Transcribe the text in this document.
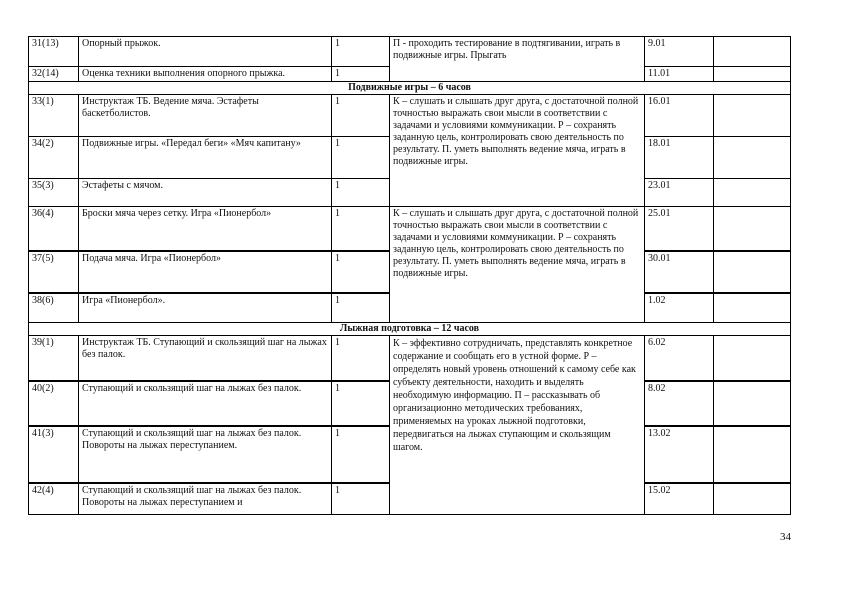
31(13)	Опорный прыжок.	1	П - проходить тестирование в подтягивании, играть в подвижные игры. Прыгать	9.01	
32(14)	Оценка техники выполнения опорного прыжка.	1		11.01	
Подвижные игры – 6 часов					
33(1)	Инструктаж ТБ. Ведение мяча. Эстафеты баскетболистов.	1	К – слушать и слышать друг друга, с достаточной полной точностью выражать свои мысли в соответствии с задачами и условиями коммуникации. Р – сохранять заданную цель, контролировать свою деятельность по результату. П. уметь выполнять ведение мяча, играть в подвижные игры.	16.01	
34(2)	Подвижные игры. «Передал беги» «Мяч капитану»	1		18.01	
35(3)	Эстафеты с мячом.	1		23.01	
36(4)	Броски мяча через сетку. Игра «Пионербол»	1	К – слушать и слышать друг друга, с достаточной полной точностью выражать свои мысли в соответствии с задачами и условиями коммуникации. Р – сохранять заданную цель, контролировать свою деятельность по результату. П. уметь выполнять ведение мяча, играть в подвижные игры.	25.01	
37(5)	Подача мяча. Игра «Пионербол»	1		30.01	
38(6)	Игра «Пионербол».	1		1.02	
Лыжная подготовка – 12 часов					
39(1)	Инструктаж ТБ. Ступающий и скользящий шаг на лыжах без палок.	1	К – эффективно сотрудничать, представлять конкретное содержание и сообщать его в устной форме. Р – определять новый уровень отношений к самому себе как субъекту деятельности, находить и выделять необходимую информацию. П – рассказывать об организационно методических требованиях, применяемых на уроках лыжной подготовки, передвигаться на лыжах ступающим и скользящим шагом.	6.02	
40(2)	Ступающий и скользящий шаг на лыжах без палок.	1		8.02	
41(3)	Ступающий и скользящий шаг на лыжах без палок. Повороты на лыжах переступанием.	1		13.02	
42(4)	Ступающий и скользящий шаг на лыжах без палок. Повороты на лыжах переступанием и	1		15.02	
34
